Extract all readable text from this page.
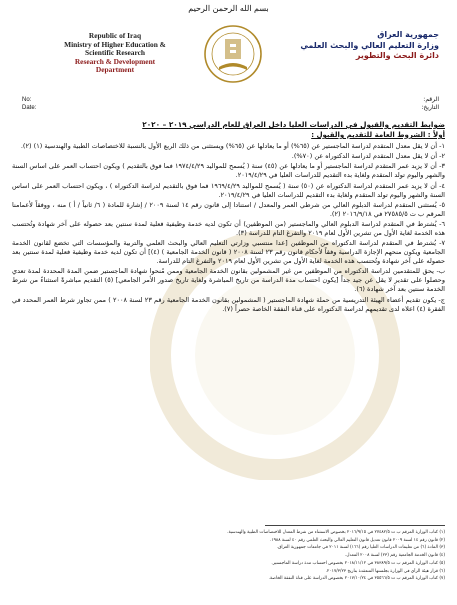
بسم الله الرحمن الرحيم
Republic of Iraq
Ministry of Higher Education &
Scientific Research
Research & Development
Department
جمهورية العراق
وزارة التعليم العالي والبحث العلمي
دائرة البحث والتطوير
الرقم:
التاريخ:
No:
Date:
ضوابط التقديم والقبول في الدراسات العليا داخل العراق للعام الدراسي ٢٠١٩ – ٢٠٢٠
أولاً : الشروط العامة للتقديم والقبول :

١- أن لا يقل معدل المتقدم لدراسة الماجستير عن (٦٥%) أو ما يعادلها عن (٦٥%) ويستثنى من ذلك الربع الأول بالنسبة للاختصاصات الطبية والهندسية (١) (٢).

٢- أن لا يقل معدل المتقدم لدراسة الدكتوراه عن (٧٠%).

٣- أن لا يزيد عمر المتقدم لدراسة الماجستير أو ما يعادلها عن (٤٥) سنة ( يُسمح للمواليد ١٩٧٤/٤/٢٩ فما فوق بالتقديم ) ويكون احتساب العمر على اساس السنة والشهر واليوم تولد المتقدم ولغاية بدء التقديم للدراسات العليا في ٢٠١٩/٤/٢٩.

٤- أن لا يزيد عمر المتقدم لدراسة الدكتوراه عن (٥٠) سنة ( يُسمح للمواليد ١٩٦٩/٤/٢٩ فما فوق بالتقديم لدراسة الدكتوراه ) ، ويكون احتساب العمر على اساس السنة والشهر واليوم تولد المتقدم ولغاية بدء التقديم للدراسات العليا في ٢٠١٩/٤/٢٩.

٥- يُستثنى المتقدم لدراسة الدبلوم العالي من شرطي العمر والمعدل / استنادا إلى قانون رقم ١٤ لسنة ٢٠٠٩ / إشارة للمادة ( ٦/ ثانياً / أ ) منه ، ووفقاً لأعمامنا المرقم ب ت ٢٧٥٨٥/٥ في ٢٠١٦/٩/١٨ (٢).

٦- يُشترط في المتقدم لدراسة الدبلوم العالي والماجستير (من الموظفين) أن تكون لديه خدمة وظيفية فعلية لمدة سنتين بعد حصوله على آخر شهادة وتُحتسب هذه الخدمة لغاية الأول من تشرين الأول لعام ٢٠١٩ والتفرغ التام للدراسة (٣).

٧- يُشترط في المتقدم لدراسة الدكتوراه من الموظفين [عدا منتسبي وزارتي التعليم العالي والبحث العلمي والتربية والمؤسسات التي تخضع لقانون الخدمة الجامعية ويكون منحهم الإجازة الدراسية وفقاً لأحكام قانون رقم ٢٣ لسنة ٢٠٠٨ ( قانون الخدمة الجامعية ) (٤)] أن تكون لديه خدمة وظيفية فعلية لمدة سنتين بعد حصوله على آخر شهادة وتُحتسب هذه الخدمة لغاية الأول من تشرين الأول لعام ٢٠١٩ والتفرغ التام للدراسة.

ب- يحق للمتقدمين لدراسة الدكتوراه من الموظفين من غير المشمولين بقانون الخدمة الجامعية وممن مُنحوا شهادة الماجستير ضمن المدة المحددة لمدة تعدي وحصلوا على تقدير لا يقل عن جيد جداً [يكون احتساب مدة الدراسة من تاريخ المباشرة ولغاية تاريخ صدور الأمر الجامعي] (٥) التقديم مباشرةً استثناءً من شرط الخدمة سنتين بعد آخر شهادة (٦).

ج- يكون تقديم أعضاء الهيئة التدريسية من حملة شهادة الماجستير ( المشمولين بقانون الخدمة الجامعية رقم ٢٣ لسنة ٢٠٠٨ ) ممن تجاوز شرط العمر المحدد في الفقرة (٤) اعلاه لدى تقديمهم لدراسة الدكتوراه على قناة النفقة الخاصة حصراً (٧).

(١) كتاب الوزارة المرقم ب ت ٢٧٤٨٢/٥ في ٢٠١٦/٩/١٥ بخصوص الاستثناء من شرط المعدل للاختصاصات الطبية والهندسية.
(٢) قانون رقم ١٤ لسنة ٢٠٠٩ قانون تعديل قانون التعليم العالي والبحث العلمي رقم ٤٠ لسنة ١٩٨٨.
(٣) المادة (٦) من تعليمات الدراسات العليا رقم (١٦٦) لسنة ٢٠١١ في جامعات جمهورية العراق.
(٤) قانون الخدمة الجامعية رقم (٢٣) لسنة ٢٠٠٨ المعدل.
(٥) كتاب الوزارة المرقم ب ت ٣٨٣٨٩/٥ في ٢٠١٨/١١/١٢ بخصوص احتساب مدة دراسة الماجستير.
(٦) قرار هيئة الرأي في الوزارة بجلستها المنعقدة بتاريخ ٢٠١٧/٣/٢٣.
(٧) كتاب الوزارة المرقم ب ت ٣٥٥٦٦/٥ في ٢٠١٧/١٠/٢٤ بخصوص الدراسة على قناة النفقة الخاصة.
